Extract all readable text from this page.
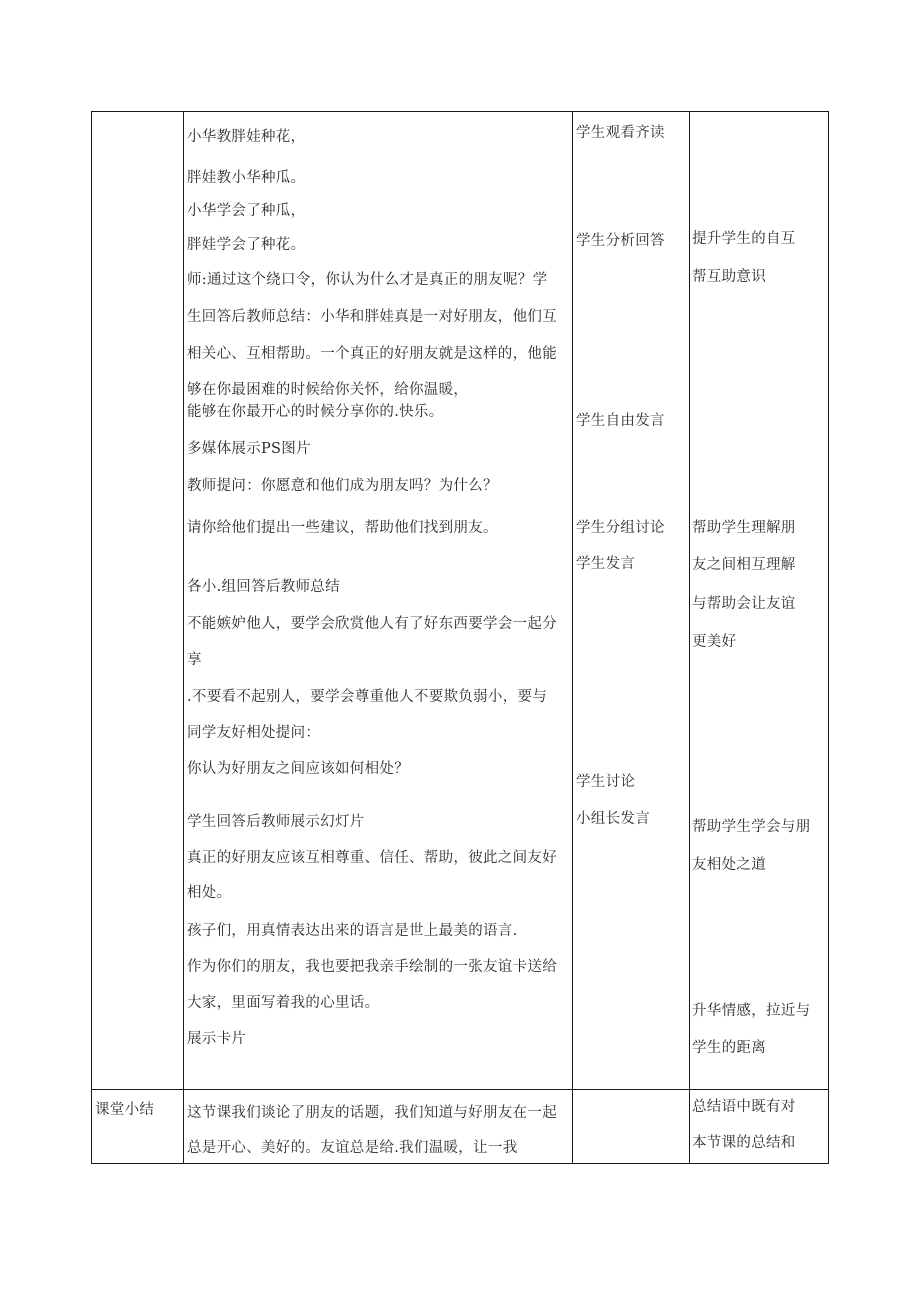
小华教胖娃种花，
胖娃教小华种瓜。
小华学会了种瓜，
胖娃学会了种花。
师:通过这个绕口令，你认为什么才是真正的朋友呢？学
生回答后教师总结：小华和胖娃真是一对好朋友，他们互
相关心、互相帮助。一个真正的好朋友就是这样的，他能
够在你最困难的时候给你关怀，给你温暖，
能够在你最开心的时候分享你的.快乐。
多媒体展示PS图片
教师提问：你愿意和他们成为朋友吗？为什么？
请你给他们提出一些建议，帮助他们找到朋友。
各小.组回答后教师总结
不能嫉妒他人，要学会欣赏他人有了好东西要学会一起分
享
.不要看不起别人，要学会尊重他人不要欺负弱小，要与
同学友好相处提问：
你认为好朋友之间应该如何相处？
学生回答后教师展示幻灯片
真正的好朋友应该互相尊重、信任、帮助，彼此之间友好
相处。
孩子们，用真情表达出来的语言是世上最美的语言.
作为你们的朋友，我也要把我亲手绘制的一张友谊卡送给
大家，里面写着我的心里话。
展示卡片
学生观看齐读
学生分析回答
学生自由发言
学生分组讨论
学生发言
学生讨论
小组长发言
提升学生的自互
帮互助意识
帮助学生理解朋
友之间相互理解
与帮助会让友谊
更美好
帮助学生学会与朋
友相处之道
升华情感，拉近与
学生的距离
课堂小结 这节课我们谈论了朋友的话题，我们知道与好朋友在一起
总是开心、美好的。友谊总是给.我们温暖，让一我
总结语中既有对
本节课的总结和
